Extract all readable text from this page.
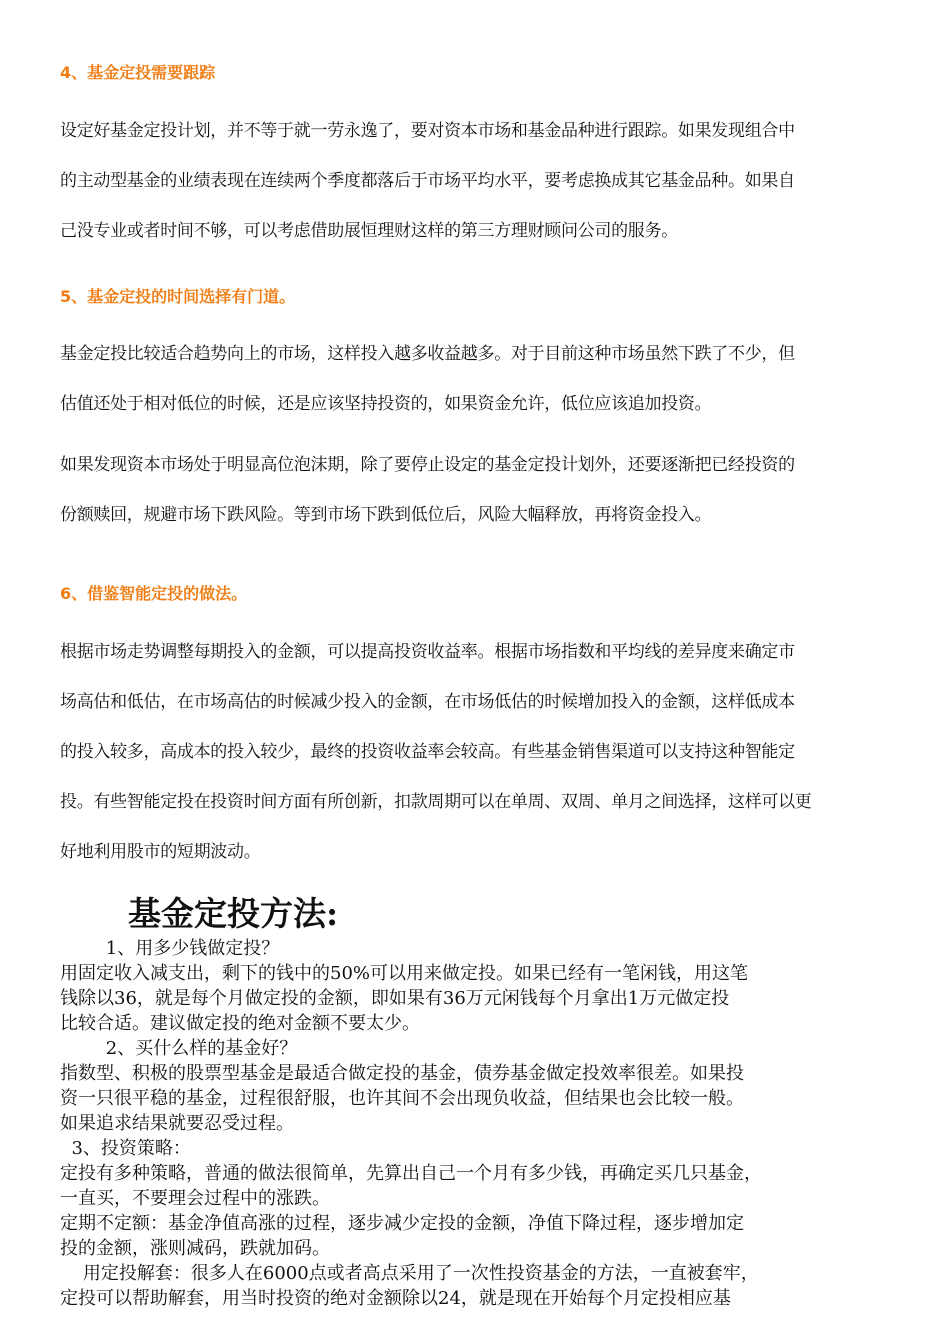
4、基金定投需要跟踪
设定好基金定投计划，并不等于就一劳永逸了，要对资本市场和基金品种进行跟踪。如果发现组合中
的主动型基金的业绩表现在连续两个季度都落后于市场平均水平，要考虑换成其它基金品种。如果自
己没专业或者时间不够，可以考虑借助展恒理财这样的第三方理财顾问公司的服务。
5、基金定投的时间选择有门道。
基金定投比较适合趋势向上的市场，这样投入越多收益越多。对于目前这种市场虽然下跌了不少，但
估值还处于相对低位的时候，还是应该坚持投资的，如果资金允许，低位应该追加投资。
如果发现资本市场处于明显高位泡沫期，除了要停止设定的基金定投计划外，还要逐渐把已经投资的
份额赎回，规避市场下跌风险。等到市场下跌到低位后，风险大幅释放，再将资金投入。
6、借鉴智能定投的做法。
根据市场走势调整每期投入的金额，可以提高投资收益率。根据市场指数和平均线的差异度来确定市
场高估和低估，在市场高估的时候减少投入的金额，在市场低估的时候增加投入的金额，这样低成本
的投入较多，高成本的投入较少，最终的投资收益率会较高。有些基金销售渠道可以支持这种智能定
投。有些智能定投在投资时间方面有所创新，扣款周期可以在单周、双周、单月之间选择，这样可以更
好地利用股市的短期波动。
基金定投方法:
1、用多少钱做定投？
用固定收入减支出，剩下的钱中的50%可以用来做定投。如果已经有一笔闲钱，用这笔
钱除以36，就是每个月做定投的金额，即如果有36万元闲钱每个月拿出1万元做定投
比较合适。建议做定投的绝对金额不要太少。
2、买什么样的基金好？
指数型、积极的股票型基金是最适合做定投的基金，债券基金做定投效率很差。如果投
资一只很平稳的基金，过程很舒服，也许其间不会出现负收益，但结果也会比较一般。
如果追求结果就要忍受过程。
3、投资策略：
定投有多种策略，普通的做法很简单，先算出自己一个月有多少钱，再确定买几只基金，
一直买，不要理会过程中的涨跌。
定期不定额：基金净值高涨的过程，逐步减少定投的金额，净值下降过程，逐步增加定
投的金额，涨则减码，跌就加码。
用定投解套：很多人在6000点或者高点采用了一次性投资基金的方法，一直被套牢，
定投可以帮助解套，用当时投资的绝对金额除以24，就是现在开始每个月定投相应基
